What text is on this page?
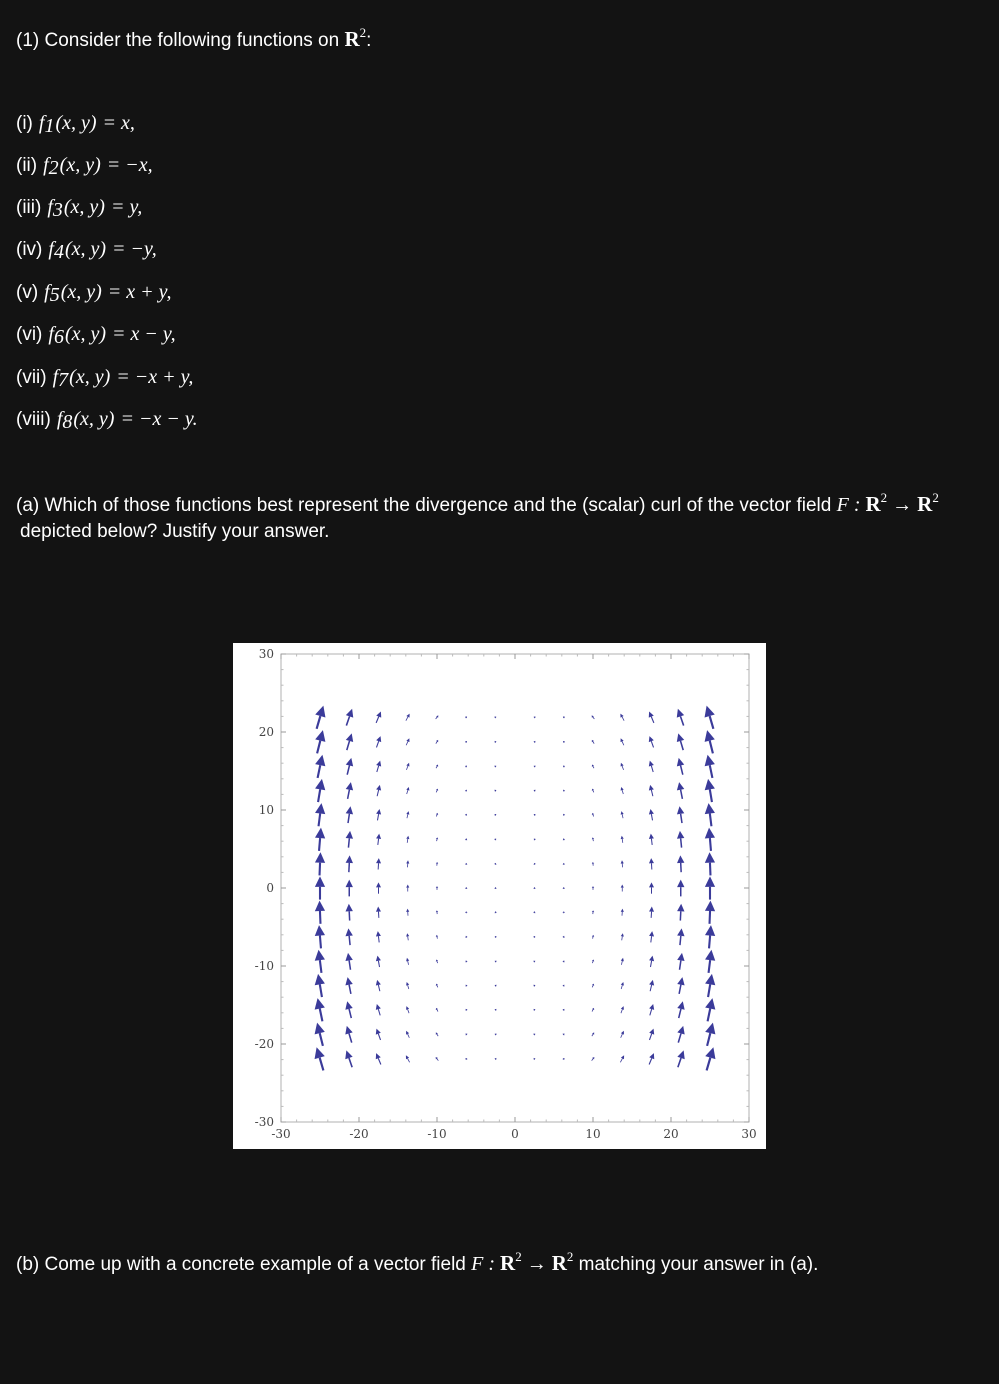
(1) Consider the following functions on $R^2$:
(i) $f_1(x$, y) = x,
(ii) $f_2(x$, y) = −x,
(iii) $f_3(x$, y) = y,
(iv) $f_4(x$, y) = −y,
(v) $f_5(x$, y) = x + y,
(vi) $f_6(x$, y) = x − y,
(vii) $f_7(x$, y) = −x + y,
(viii) $f_8(x$, y) = −x − y.
(a) Which of those functions best represent the divergence and the (scalar) curl of the vector field F : $R^2 \to R^2$
depicted below? Justify your answer.
-30	-20	-10	0	10	20	30
30
20
10
0
-10
-20
-30
(b) Come up with a concrete example of a vector field F : $R^2 \to R^2$ matching your answer in (a).
